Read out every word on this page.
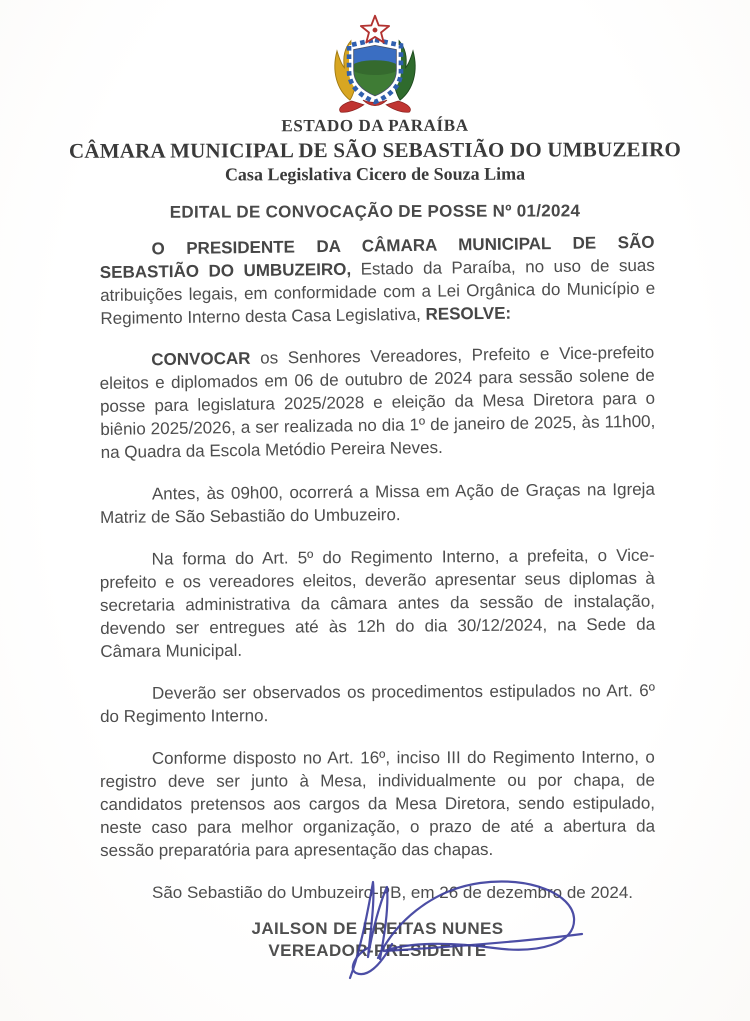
ESTADO DA PARAÍBA
CÂMARA MUNICIPAL DE SÃO SEBASTIÃO DO UMBUZEIRO
Casa Legislativa Cicero de Souza Lima
EDITAL DE CONVOCAÇÃO DE POSSE Nº 01/2024

O PRESIDENTE DA CÂMARA MUNICIPAL DE SÃO SEBASTIÃO DO UMBUZEIRO, Estado da Paraíba, no uso de suas atribuições legais, em conformidade com a Lei Orgânica do Município e Regimento Interno desta Casa Legislativa, RESOLVE:

CONVOCAR os Senhores Vereadores, Prefeito e Vice-prefeito eleitos e diplomados em 06 de outubro de 2024 para sessão solene de posse para legislatura 2025/2028 e eleição da Mesa Diretora para o biênio 2025/2026, a ser realizada no dia 1º de janeiro de 2025, às 11h00, na Quadra da Escola Metódio Pereira Neves.

Antes, às 09h00, ocorrerá a Missa em Ação de Graças na Igreja Matriz de São Sebastião do Umbuzeiro.

Na forma do Art. 5º do Regimento Interno, a prefeita, o Vice-prefeito e os vereadores eleitos, deverão apresentar seus diplomas à secretaria administrativa da câmara antes da sessão de instalação, devendo ser entregues até às 12h do dia 30/12/2024, na Sede da Câmara Municipal.

Deverão ser observados os procedimentos estipulados no Art. 6º do Regimento Interno.

Conforme disposto no Art. 16º, inciso III do Regimento Interno, o registro deve ser junto à Mesa, individualmente ou por chapa, de candidatos pretensos aos cargos da Mesa Diretora, sendo estipulado, neste caso para melhor organização, o prazo de até a abertura da sessão preparatória para apresentação das chapas.

São Sebastião do Umbuzeiro-PB, em 26 de dezembro de 2024.

JAILSON DE FREITAS NUNES
VEREADOR-PRESIDENTE
